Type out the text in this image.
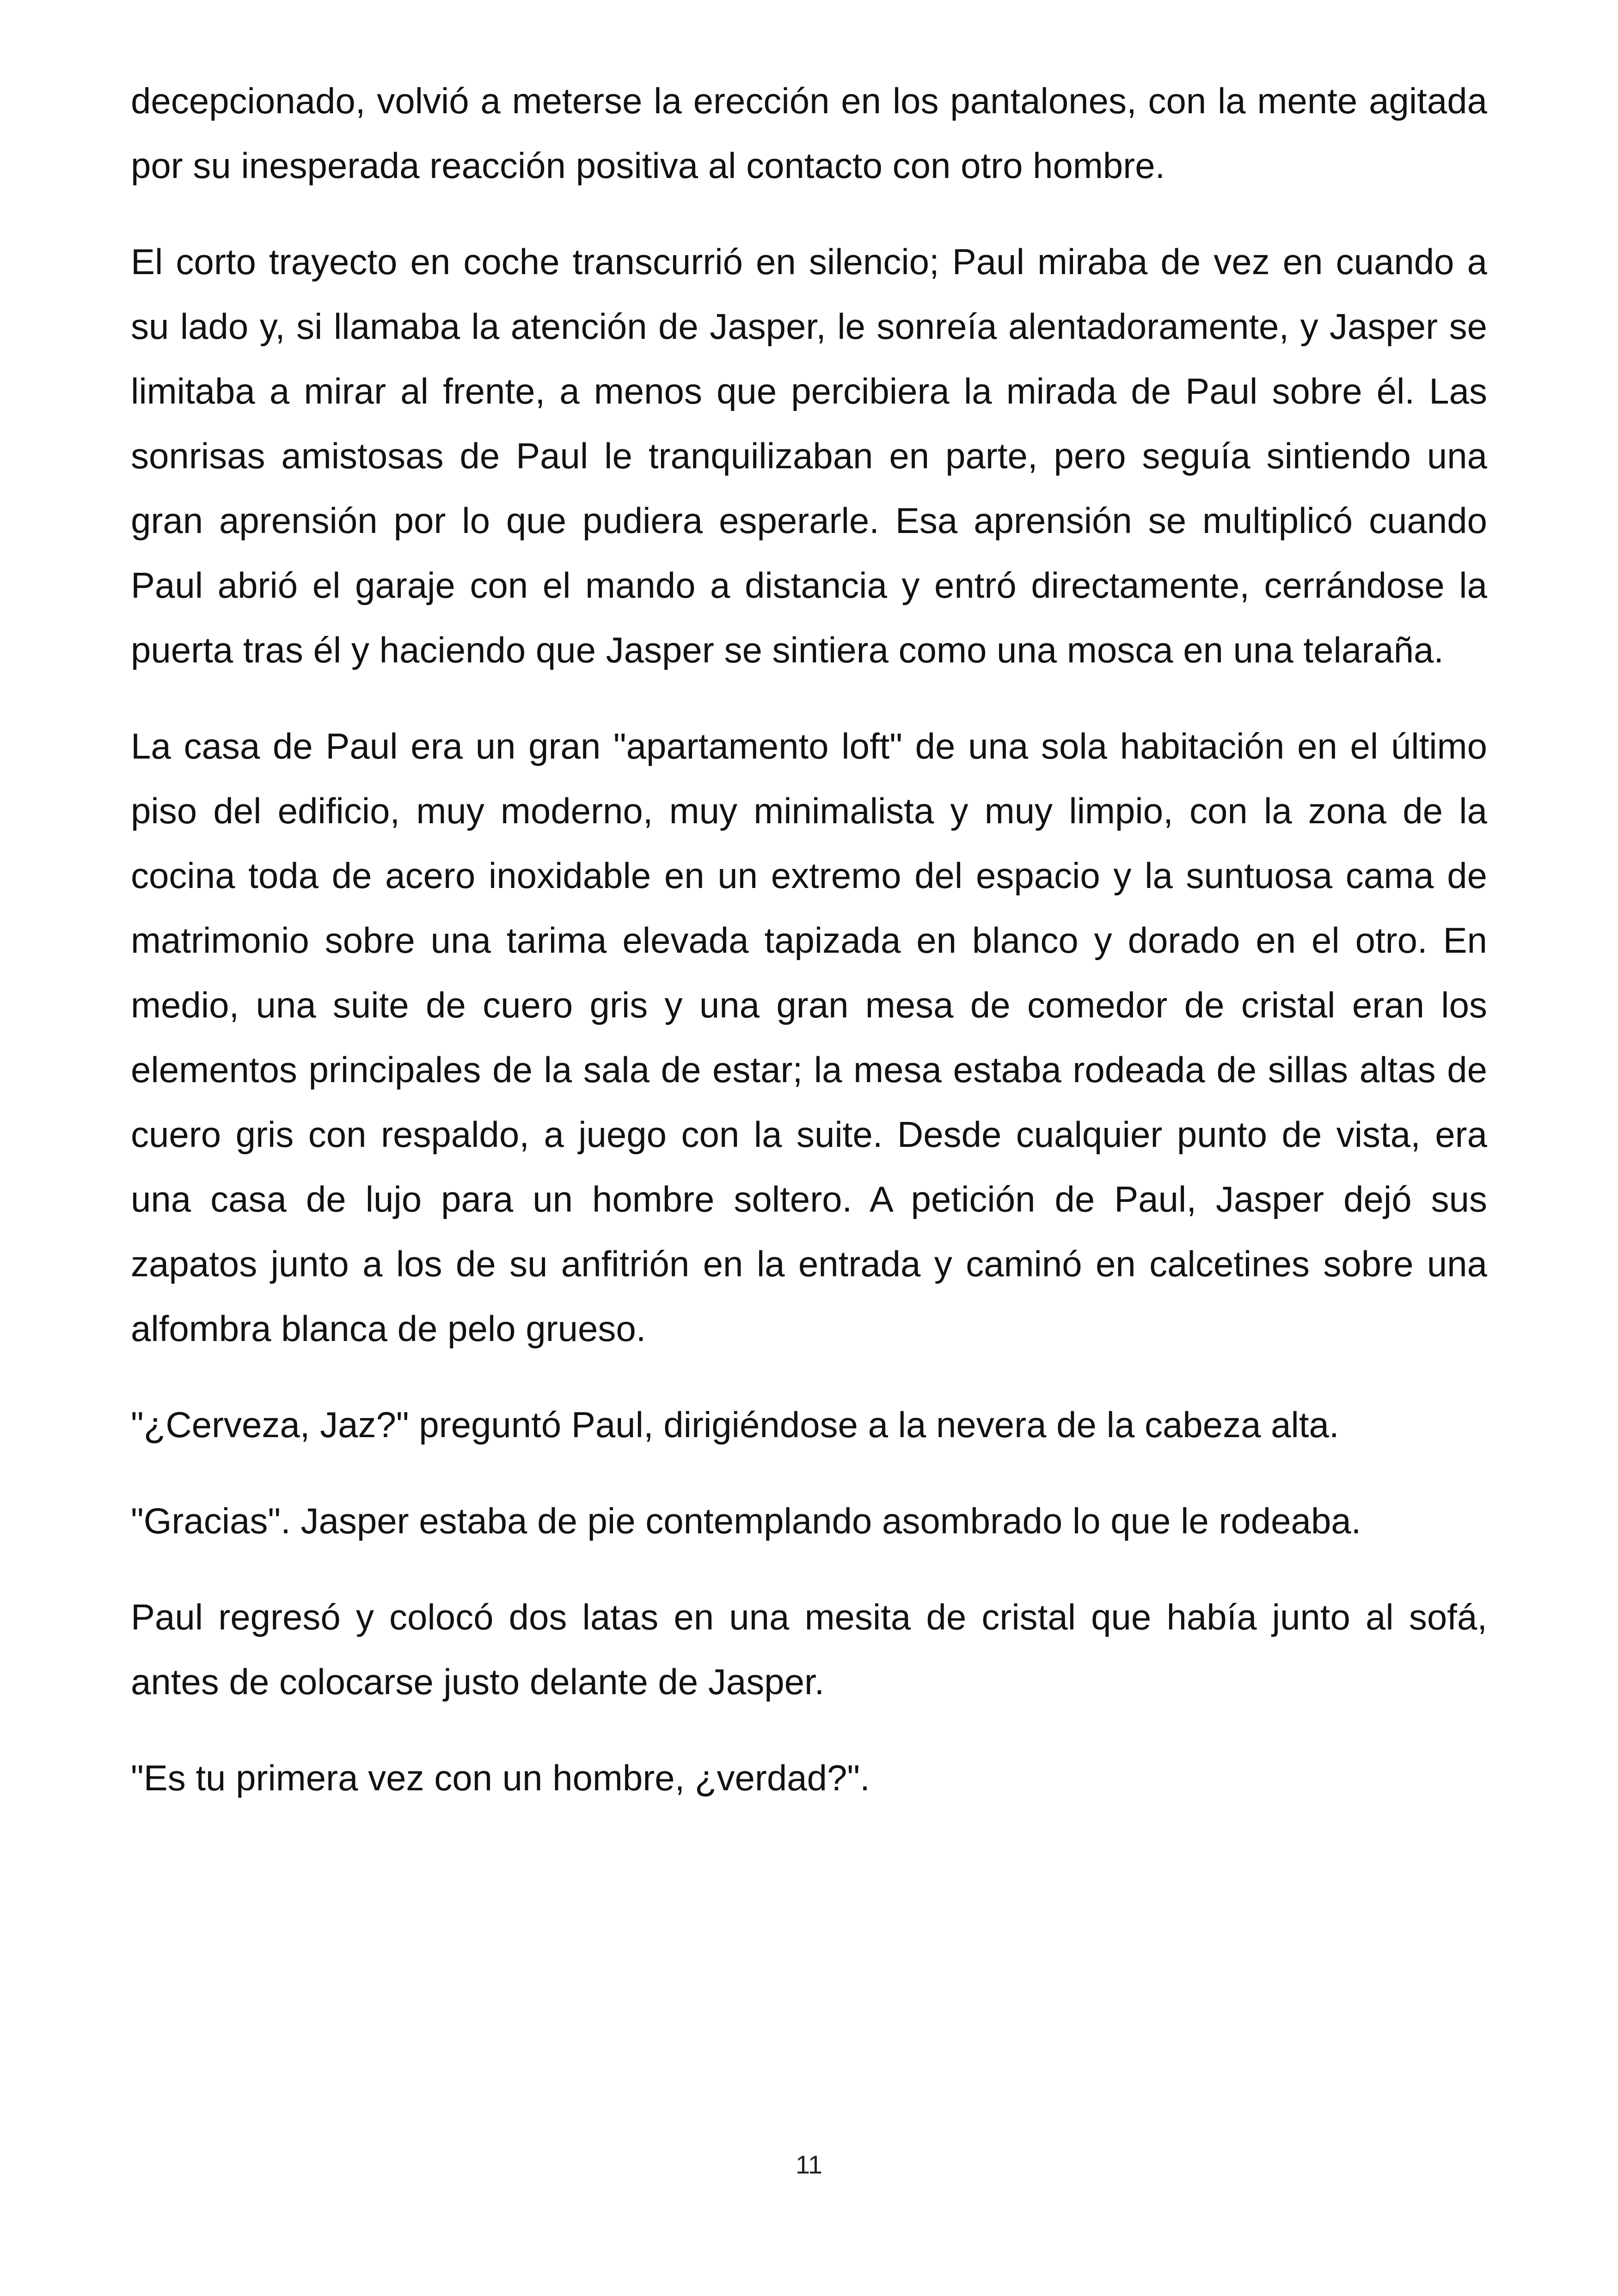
decepcionado, volvió a meterse la erección en los pantalones, con la mente agitada por su inesperada reacción positiva al contacto con otro hombre.

El corto trayecto en coche transcurrió en silencio; Paul miraba de vez en cuando a su lado y, si llamaba la atención de Jasper, le sonreía alentadoramente, y Jasper se limitaba a mirar al frente, a menos que percibiera la mirada de Paul sobre él. Las sonrisas amistosas de Paul le tranquilizaban en parte, pero seguía sintiendo una gran aprensión por lo que pudiera esperarle. Esa aprensión se multiplicó cuando Paul abrió el garaje con el mando a distancia y entró directamente, cerrándose la puerta tras él y haciendo que Jasper se sintiera como una mosca en una telaraña.

La casa de Paul era un gran "apartamento loft" de una sola habitación en el último piso del edificio, muy moderno, muy minimalista y muy limpio, con la zona de la cocina toda de acero inoxidable en un extremo del espacio y la suntuosa cama de matrimonio sobre una tarima elevada tapizada en blanco y dorado en el otro. En medio, una suite de cuero gris y una gran mesa de comedor de cristal eran los elementos principales de la sala de estar; la mesa estaba rodeada de sillas altas de cuero gris con respaldo, a juego con la suite. Desde cualquier punto de vista, era una casa de lujo para un hombre soltero. A petición de Paul, Jasper dejó sus zapatos junto a los de su anfitrión en la entrada y caminó en calcetines sobre una alfombra blanca de pelo grueso.

"¿Cerveza, Jaz?" preguntó Paul, dirigiéndose a la nevera de la cabeza alta.

"Gracias". Jasper estaba de pie contemplando asombrado lo que le rodeaba.

Paul regresó y colocó dos latas en una mesita de cristal que había junto al sofá, antes de colocarse justo delante de Jasper.

"Es tu primera vez con un hombre, ¿verdad?".

11
